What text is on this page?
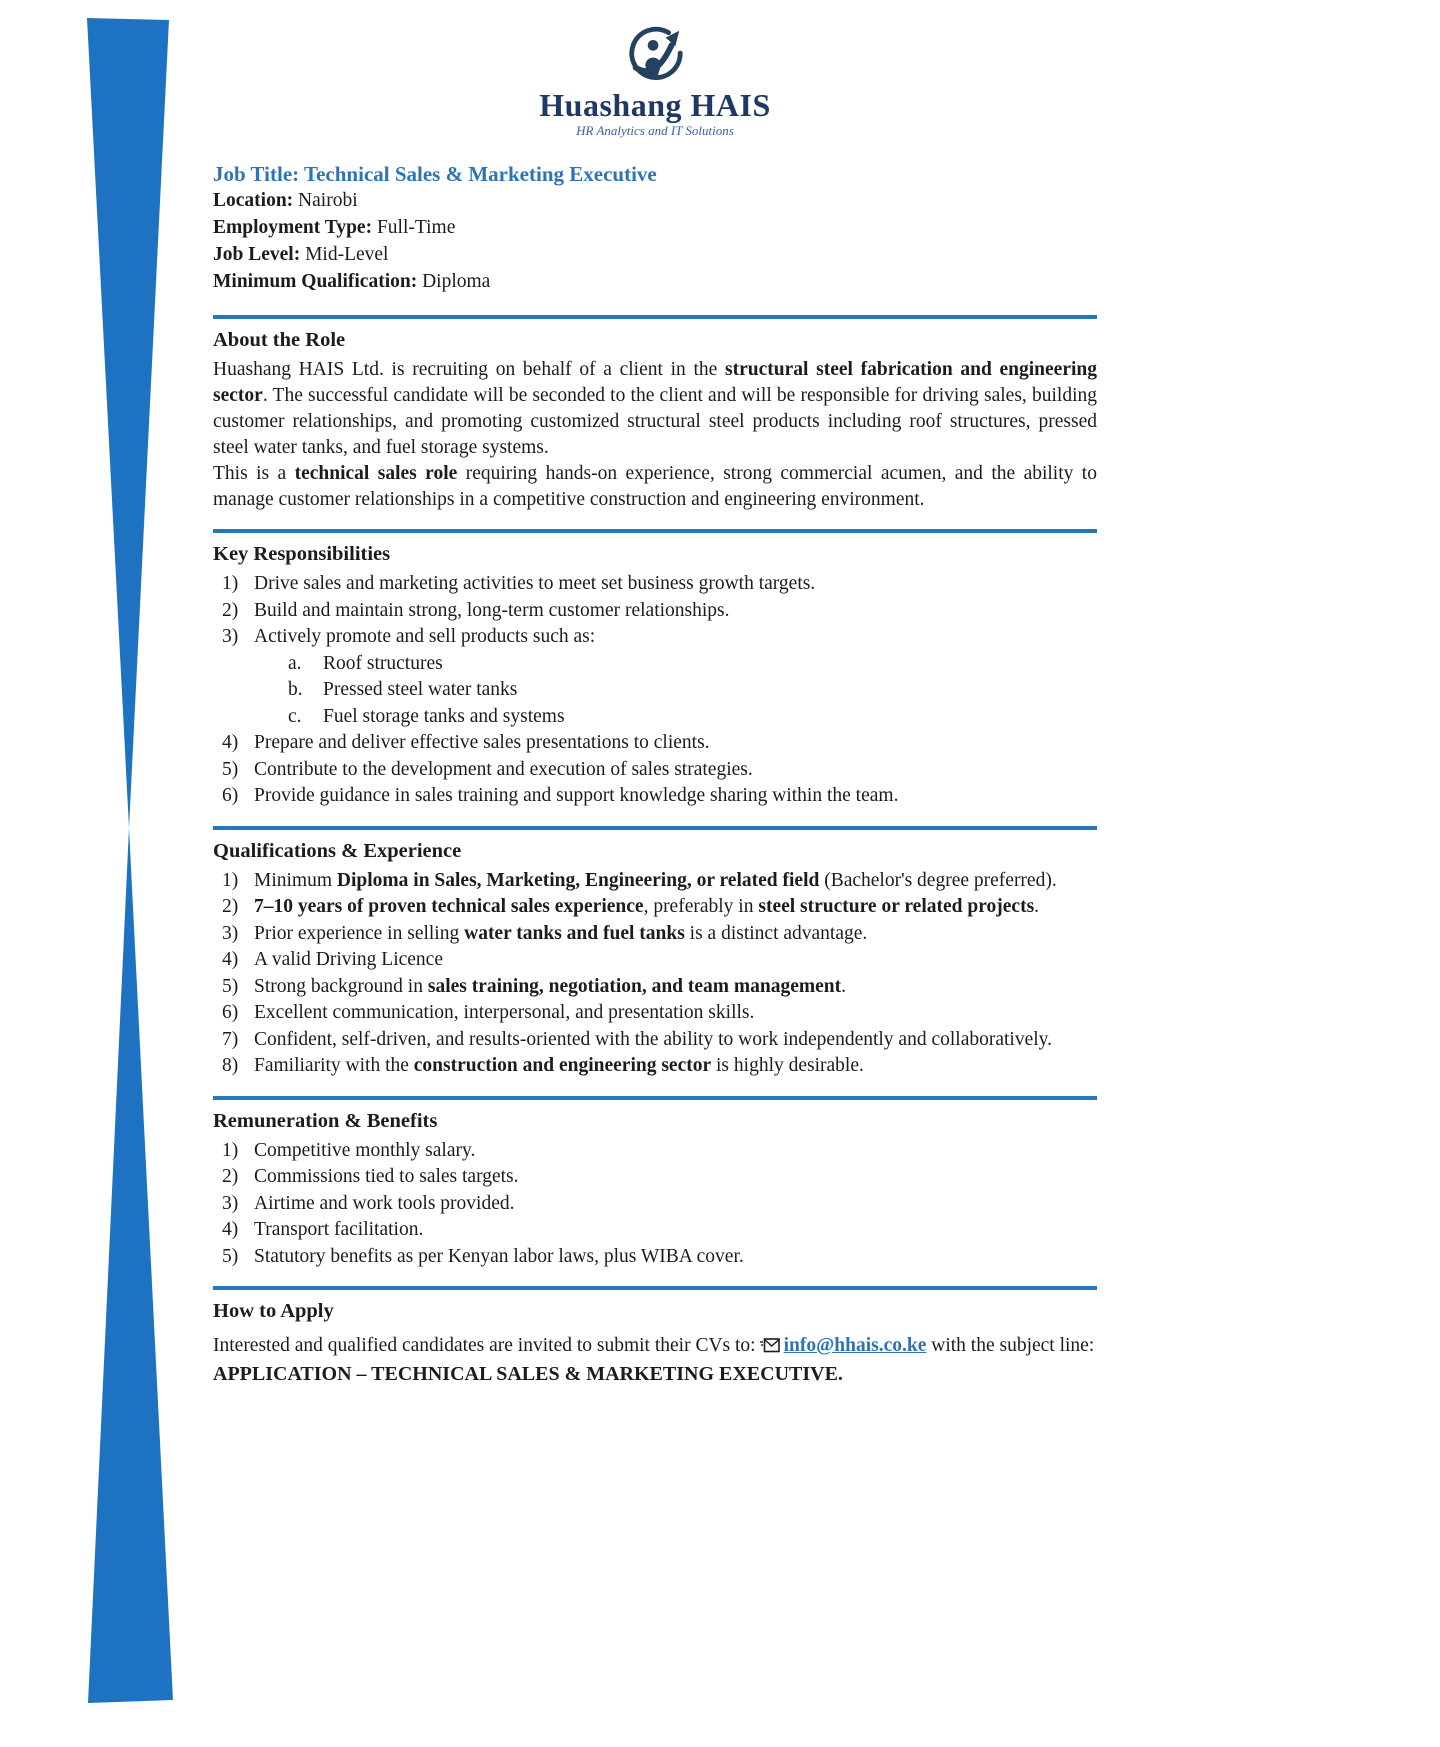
Huashang HAIS
HR Analytics and IT Solutions
Job Title: Technical Sales & Marketing Executive
Location: Nairobi
Employment Type: Full-Time
Job Level: Mid-Level
Minimum Qualification: Diploma
About the Role
Huashang HAIS Ltd. is recruiting on behalf of a client in the structural steel fabrication and engineering sector. The successful candidate will be seconded to the client and will be responsible for driving sales, building customer relationships, and promoting customized structural steel products including roof structures, pressed steel water tanks, and fuel storage systems.
This is a technical sales role requiring hands-on experience, strong commercial acumen, and the ability to manage customer relationships in a competitive construction and engineering environment.
Key Responsibilities
1) Drive sales and marketing activities to meet set business growth targets.
2) Build and maintain strong, long-term customer relationships.
3) Actively promote and sell products such as:
a. Roof structures
b. Pressed steel water tanks
c. Fuel storage tanks and systems
4) Prepare and deliver effective sales presentations to clients.
5) Contribute to the development and execution of sales strategies.
6) Provide guidance in sales training and support knowledge sharing within the team.
Qualifications & Experience
1) Minimum Diploma in Sales, Marketing, Engineering, or related field (Bachelor's degree preferred).
2) 7–10 years of proven technical sales experience, preferably in steel structure or related projects.
3) Prior experience in selling water tanks and fuel tanks is a distinct advantage.
4) A valid Driving Licence
5) Strong background in sales training, negotiation, and team management.
6) Excellent communication, interpersonal, and presentation skills.
7) Confident, self-driven, and results-oriented with the ability to work independently and collaboratively.
8) Familiarity with the construction and engineering sector is highly desirable.
Remuneration & Benefits
1) Competitive monthly salary.
2) Commissions tied to sales targets.
3) Airtime and work tools provided.
4) Transport facilitation.
5) Statutory benefits as per Kenyan labor laws, plus WIBA cover.
How to Apply
Interested and qualified candidates are invited to submit their CVs to: info@hhais.co.ke with the subject line:
APPLICATION – TECHNICAL SALES & MARKETING EXECUTIVE.
